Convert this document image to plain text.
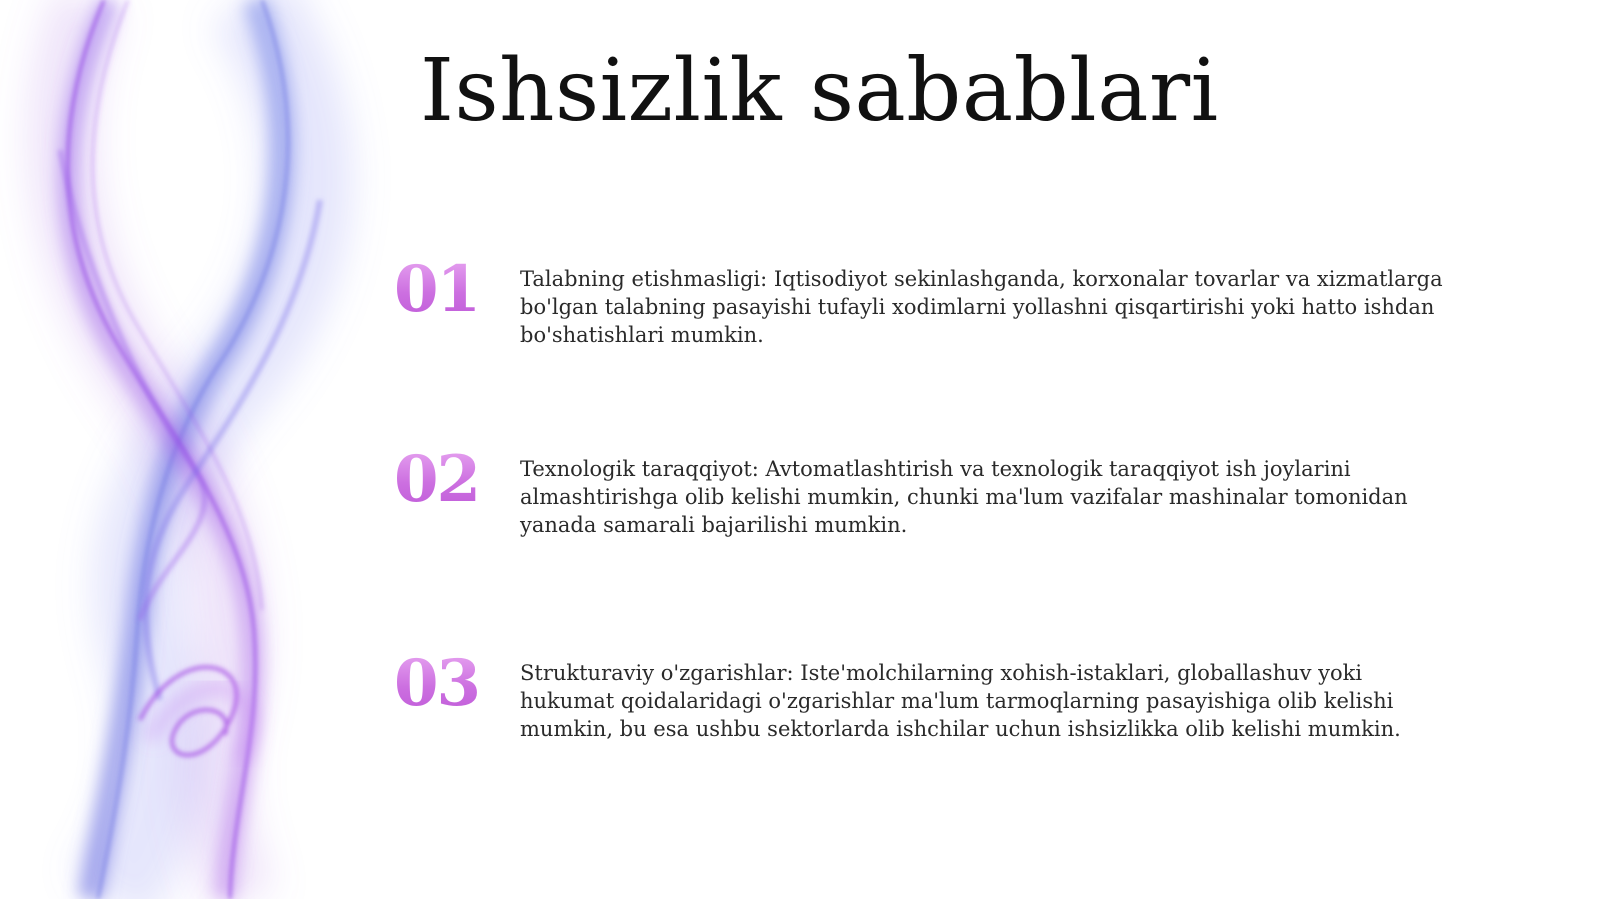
Ishsizlik sabablari
01 Talabning etishmasligi: Iqtisodiyot sekinlashganda, korxonalar tovarlar va xizmatlarga bo'lgan talabning pasayishi tufayli xodimlarni yollashni qisqartirishi yoki hatto ishdan bo'shatishlari mumkin.
02 Texnologik taraqqiyot: Avtomatlashtirish va texnologik taraqqiyot ish joylarini almashtirishga olib kelishi mumkin, chunki ma'lum vazifalar mashinalar tomonidan yanada samarali bajarilishi mumkin.
03 Strukturaviy o'zgarishlar: Iste'molchilarning xohish-istaklari, globallashuv yoki hukumat qoidalaridagi o'zgarishlar ma'lum tarmoqlarning pasayishiga olib kelishi mumkin, bu esa ushbu sektorlarda ishchilar uchun ishsizlikka olib kelishi mumkin.
